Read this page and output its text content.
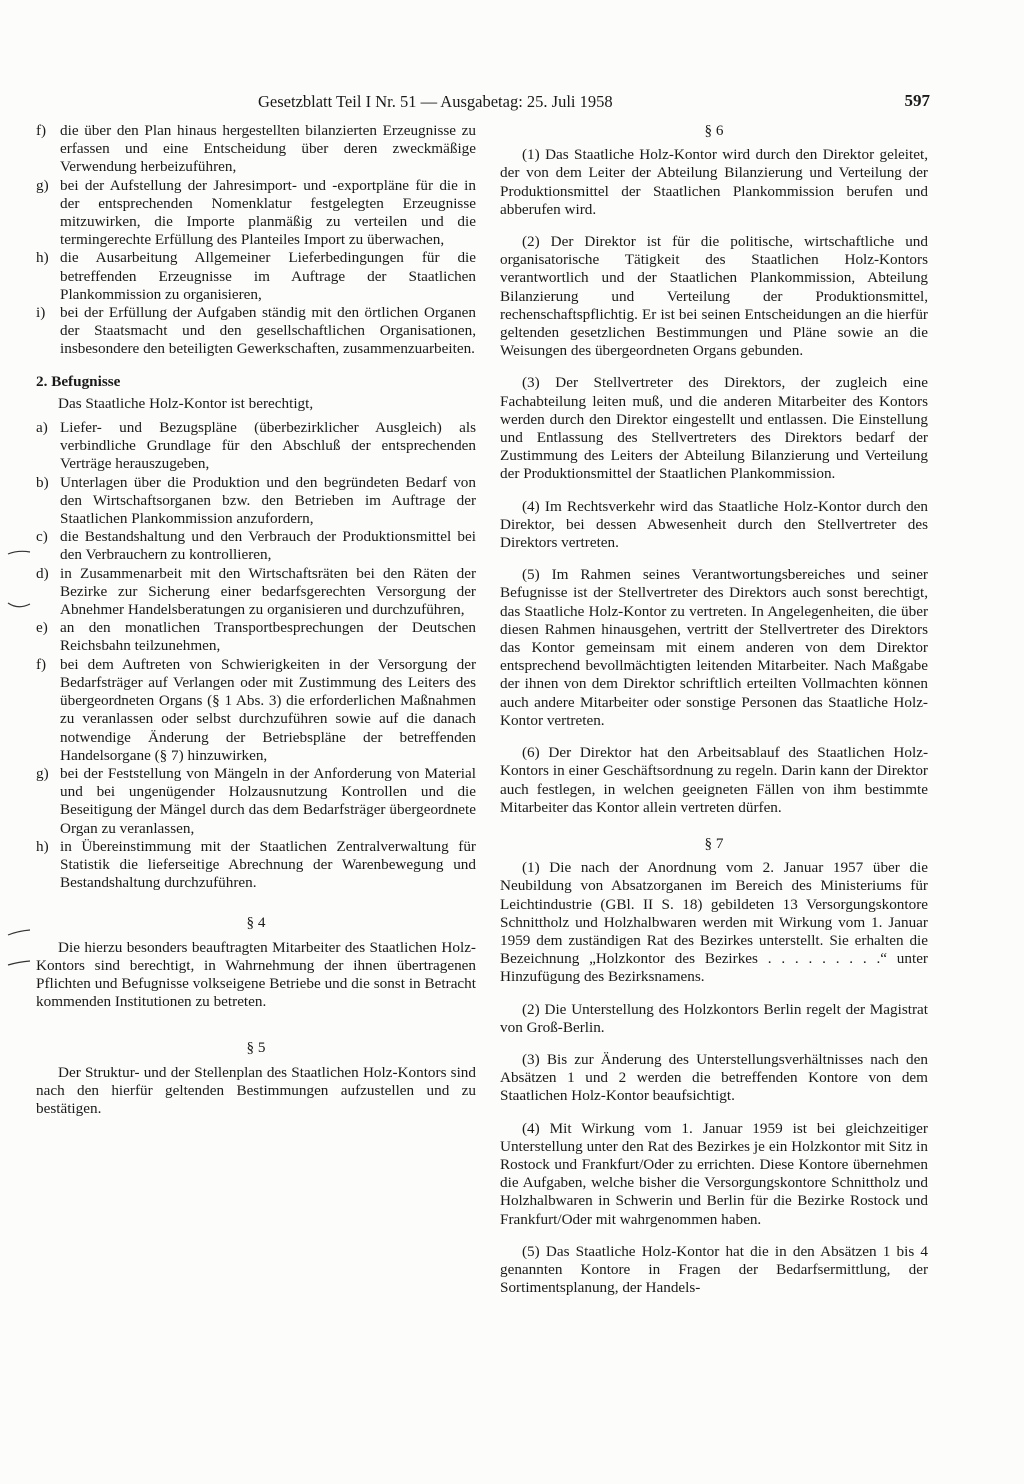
Gesetzblatt Teil I Nr. 51 — Ausgabetag: 25. Juli 1958	597
f) die über den Plan hinaus hergestellten bilanzierten Erzeugnisse zu erfassen und eine Entscheidung über deren zweckmäßige Verwendung herbeizuführen,
g) bei der Aufstellung der Jahresimport- und -exportpläne für die in der entsprechenden Nomenklatur festgelegten Erzeugnisse mitzuwirken, die Importe planmäßig zu verteilen und die termingerechte Erfüllung des Planteiles Import zu überwachen,
h) die Ausarbeitung Allgemeiner Lieferbedingungen für die betreffenden Erzeugnisse im Auftrage der Staatlichen Plankommission zu organisieren,
i) bei der Erfüllung der Aufgaben ständig mit den örtlichen Organen der Staatsmacht und den gesellschaftlichen Organisationen, insbesondere den beteiligten Gewerkschaften, zusammenzuarbeiten.
2. Befugnisse
Das Staatliche Holz-Kontor ist berechtigt,
a) Liefer- und Bezugspläne (überbezirklicher Ausgleich) als verbindliche Grundlage für den Abschluß der entsprechenden Verträge herauszugeben,
b) Unterlagen über die Produktion und den begründeten Bedarf von den Wirtschaftsorganen bzw. den Betrieben im Auftrage der Staatlichen Plankommission anzufordern,
c) die Bestandshaltung und den Verbrauch der Produktionsmittel bei den Verbrauchern zu kontrollieren,
d) in Zusammenarbeit mit den Wirtschaftsräten bei den Räten der Bezirke zur Sicherung einer bedarfsgerechten Versorgung der Abnehmer Handelsberatungen zu organisieren und durchzuführen,
e) an den monatlichen Transportbesprechungen der Deutschen Reichsbahn teilzunehmen,
f) bei dem Auftreten von Schwierigkeiten in der Versorgung der Bedarfsträger auf Verlangen oder mit Zustimmung des Leiters des übergeordneten Organs (§ 1 Abs. 3) die erforderlichen Maßnahmen zu veranlassen oder selbst durchzuführen sowie auf die danach notwendige Änderung der Betriebspläne der betreffenden Handelsorgane (§ 7) hinzuwirken,
g) bei der Feststellung von Mängeln in der Anforderung von Material und bei ungenügender Holzausnutzung Kontrollen und die Beseitigung der Mängel durch das dem Bedarfsträger übergeordnete Organ zu veranlassen,
h) in Übereinstimmung mit der Staatlichen Zentralverwaltung für Statistik die lieferseitige Abrechnung der Warenbewegung und Bestandshaltung durchzuführen.
§ 4
Die hierzu besonders beauftragten Mitarbeiter des Staatlichen Holz-Kontors sind berechtigt, in Wahrnehmung der ihnen übertragenen Pflichten und Befugnisse volkseigene Betriebe und die sonst in Betracht kommenden Institutionen zu betreten.
§ 5
Der Struktur- und der Stellenplan des Staatlichen Holz-Kontors sind nach den hierfür geltenden Bestimmungen aufzustellen und zu bestätigen.
§ 6
(1) Das Staatliche Holz-Kontor wird durch den Direktor geleitet, der von dem Leiter der Abteilung Bilanzierung und Verteilung der Produktionsmittel der Staatlichen Plankommission berufen und abberufen wird.
(2) Der Direktor ist für die politische, wirtschaftliche und organisatorische Tätigkeit des Staatlichen Holz-Kontors verantwortlich und der Staatlichen Plankommission, Abteilung Bilanzierung und Verteilung der Produktionsmittel, rechenschaftspflichtig. Er ist bei seinen Entscheidungen an die hierfür geltenden gesetzlichen Bestimmungen und Pläne sowie an die Weisungen des übergeordneten Organs gebunden.
(3) Der Stellvertreter des Direktors, der zugleich eine Fachabteilung leiten muß, und die anderen Mitarbeiter des Kontors werden durch den Direktor eingestellt und entlassen. Die Einstellung und Entlassung des Stellvertreters des Direktors bedarf der Zustimmung des Leiters der Abteilung Bilanzierung und Verteilung der Produktionsmittel der Staatlichen Plankommission.
(4) Im Rechtsverkehr wird das Staatliche Holz-Kontor durch den Direktor, bei dessen Abwesenheit durch den Stellvertreter des Direktors vertreten.
(5) Im Rahmen seines Verantwortungsbereiches und seiner Befugnisse ist der Stellvertreter des Direktors auch sonst berechtigt, das Staatliche Holz-Kontor zu vertreten. In Angelegenheiten, die über diesen Rahmen hinausgehen, vertritt der Stellvertreter des Direktors das Kontor gemeinsam mit einem anderen von dem Direktor entsprechend bevollmächtigten leitenden Mitarbeiter. Nach Maßgabe der ihnen von dem Direktor schriftlich erteilten Vollmachten können auch andere Mitarbeiter oder sonstige Personen das Staatliche Holz-Kontor vertreten.
(6) Der Direktor hat den Arbeitsablauf des Staatlichen Holz-Kontors in einer Geschäftsordnung zu regeln. Darin kann der Direktor auch festlegen, in welchen geeigneten Fällen von ihm bestimmte Mitarbeiter das Kontor allein vertreten dürfen.
§ 7
(1) Die nach der Anordnung vom 2. Januar 1957 über die Neubildung von Absatzorganen im Bereich des Ministeriums für Leichtindustrie (GBl. II S. 18) gebildeten 13 Versorgungskontore Schnittholz und Holzhalbwaren werden mit Wirkung vom 1. Januar 1959 dem zuständigen Rat des Bezirkes unterstellt. Sie erhalten die Bezeichnung „Holzkontor des Bezirkes . . . . . . . . .“ unter Hinzufügung des Bezirksnamens.
(2) Die Unterstellung des Holzkontors Berlin regelt der Magistrat von Groß-Berlin.
(3) Bis zur Änderung des Unterstellungsverhältnisses nach den Absätzen 1 und 2 werden die betreffenden Kontore von dem Staatlichen Holz-Kontor beaufsichtigt.
(4) Mit Wirkung vom 1. Januar 1959 ist bei gleichzeitiger Unterstellung unter den Rat des Bezirkes je ein Holzkontor mit Sitz in Rostock und Frankfurt/Oder zu errichten. Diese Kontore übernehmen die Aufgaben, welche bisher die Versorgungskontore Schnittholz und Holzhalbwaren in Schwerin und Berlin für die Bezirke Rostock und Frankfurt/Oder mit wahrgenommen haben.
(5) Das Staatliche Holz-Kontor hat die in den Absätzen 1 bis 4 genannten Kontore in Fragen der Bedarfsermittlung, der Sortimentsplanung, der Handels-
